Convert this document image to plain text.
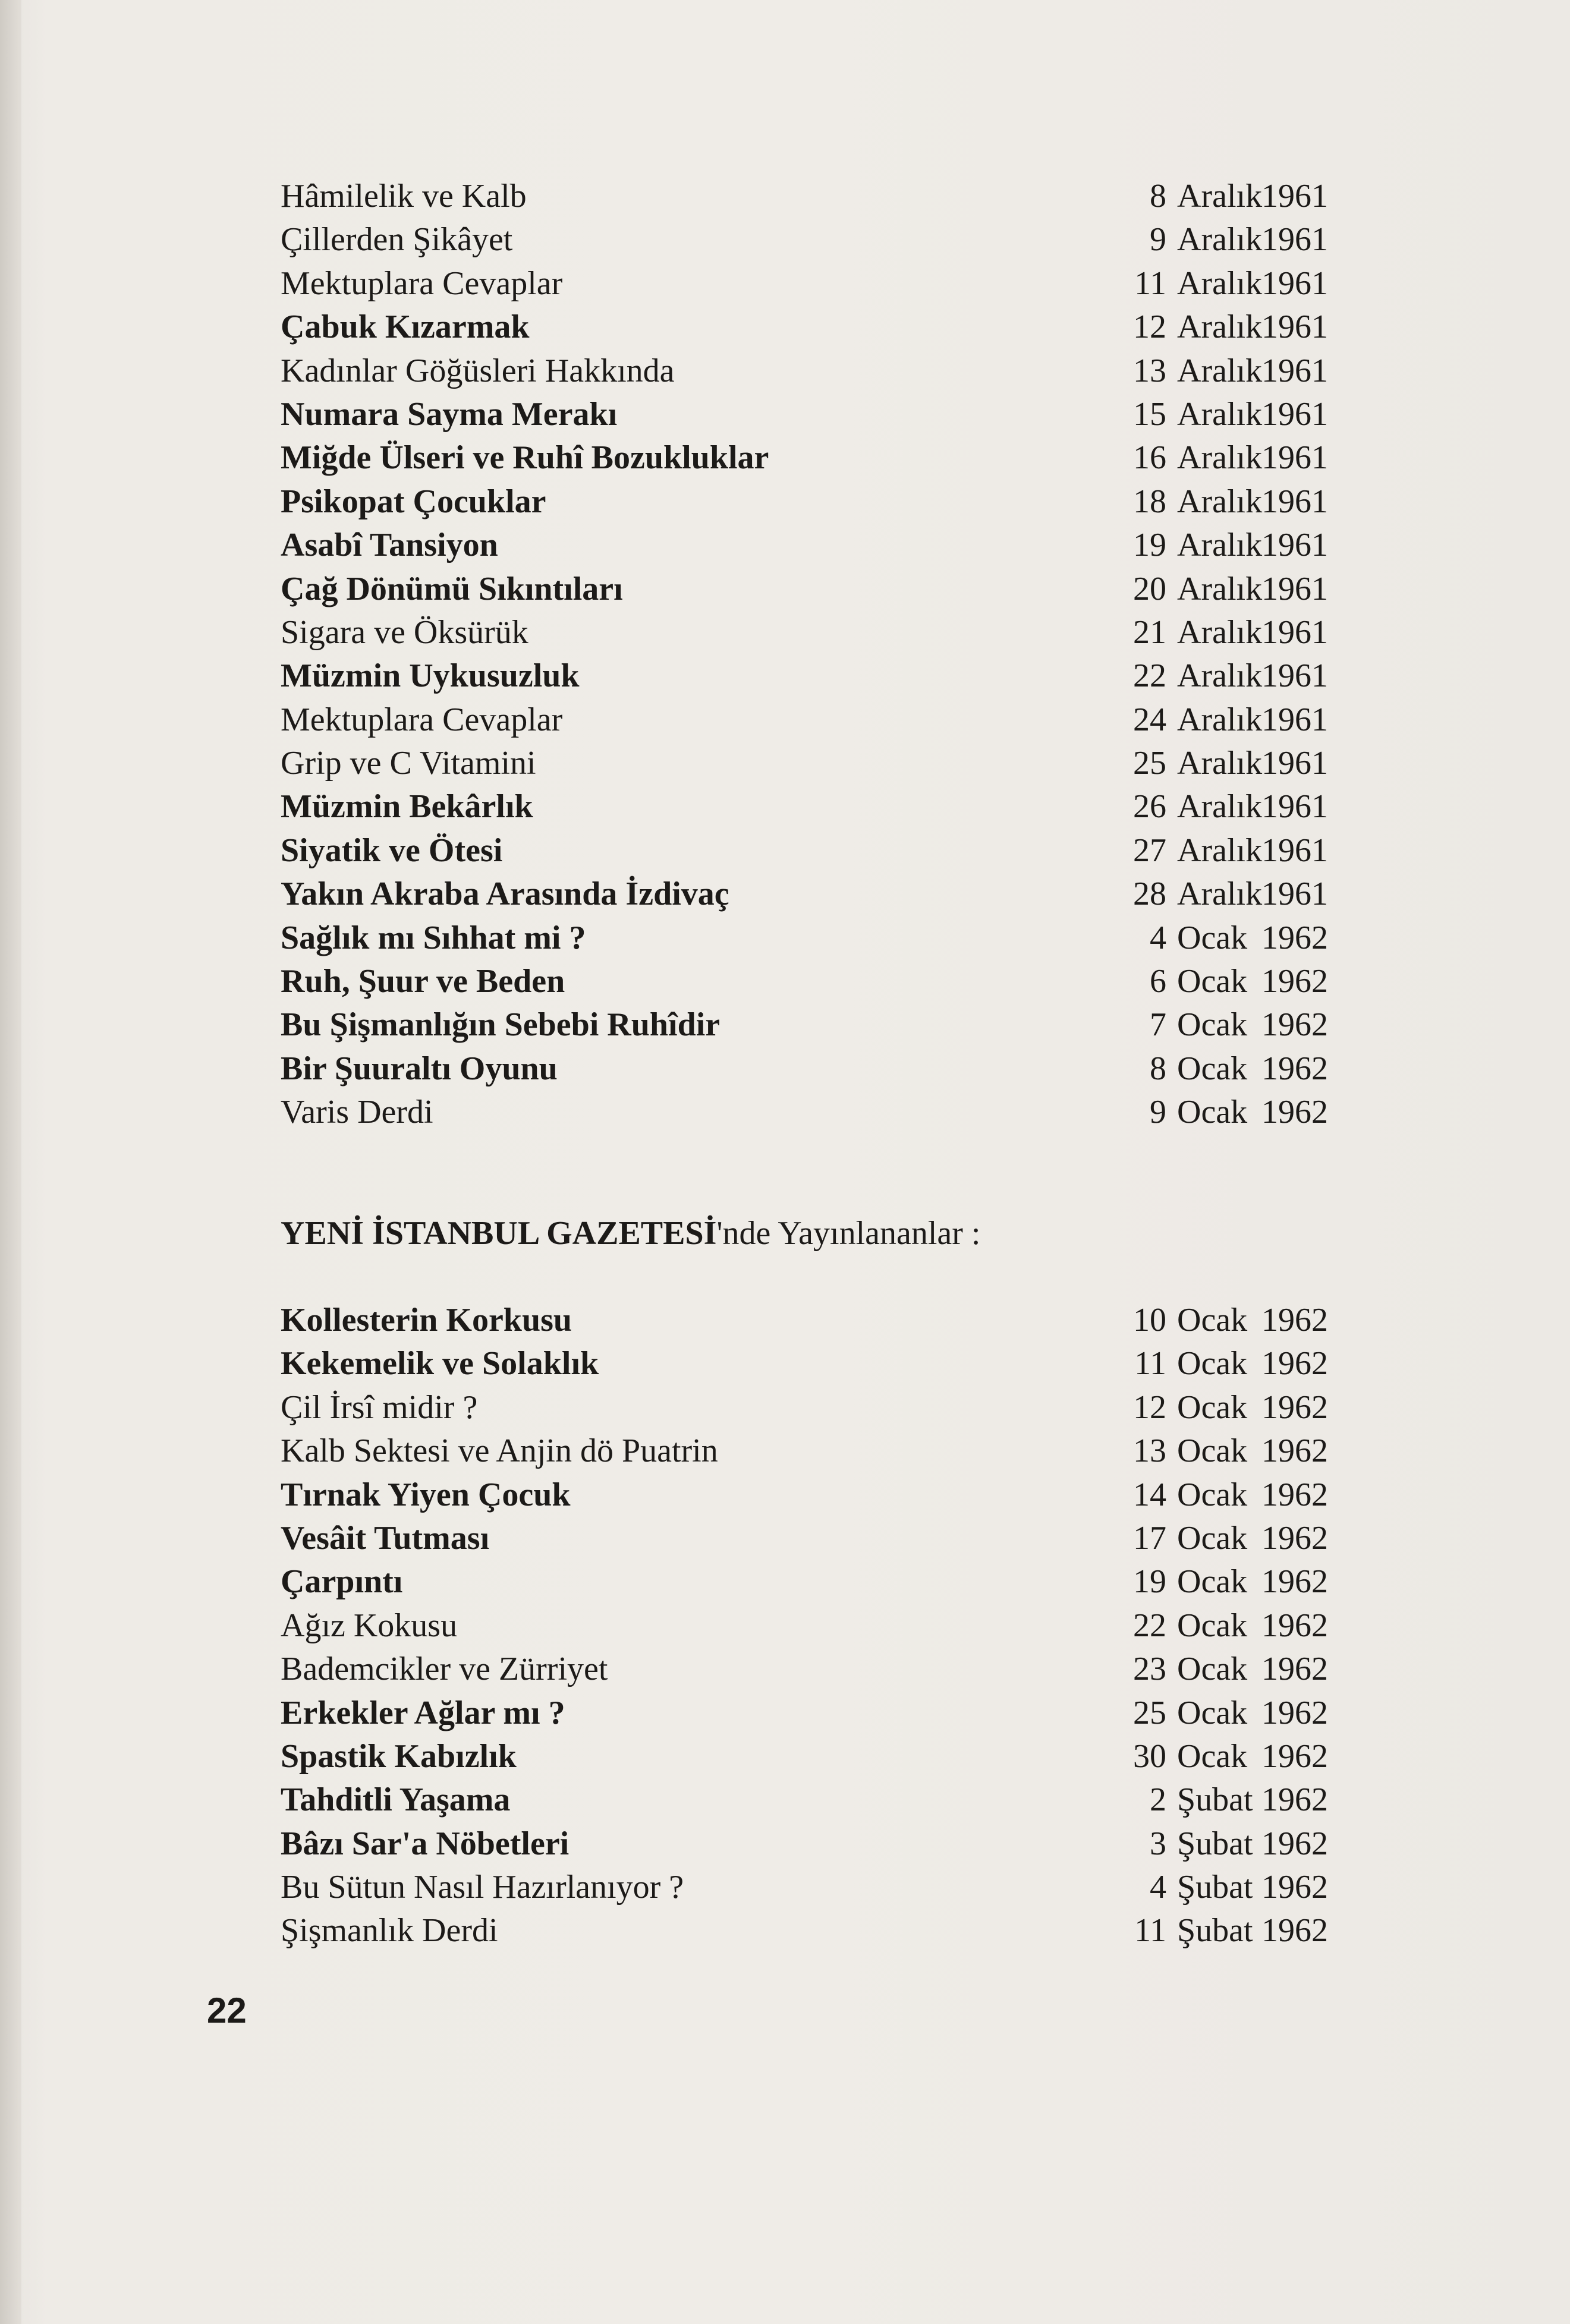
Hâmilelik ve Kalb	8 Aralık1961
Çillerden Şikâyet	9 Aralık1961
Mektuplara Cevaplar	11 Aralık1961
Çabuk Kızarmak	12 Aralık1961
Kadınlar Göğüsleri Hakkında	13 Aralık1961
Numara Sayma Merakı	15 Aralık1961
Miğde Ülseri ve Ruhî Bozukluklar	16 Aralık1961
Psikopat Çocuklar	18 Aralık1961
Asabî Tansiyon	19 Aralık1961
Çağ Dönümü Sıkıntıları	20 Aralık1961
Sigara ve Öksürük	21 Aralık1961
Müzmin Uykusuzluk	22 Aralık1961
Mektuplara Cevaplar	24 Aralık1961
Grip ve C Vitamini	25 Aralık1961
Müzmin Bekârlık	26 Aralık1961
Siyatik ve Ötesi	27 Aralık1961
Yakın Akraba Arasında İzdivaç	28 Aralık1961
Sağlık mı Sıhhat mi ?	4 Ocak 1962
Ruh, Şuur ve Beden	6 Ocak 1962
Bu Şişmanlığın Sebebi Ruhîdir	7 Ocak 1962
Bir Şuuraltı Oyunu	8 Ocak 1962
Varis Derdi	9 Ocak 1962
YENİ İSTANBUL GAZETESİ'nde Yayınlananlar :
Kollesterin Korkusu	10 Ocak 1962
Kekemelik ve Solaklık	11 Ocak 1962
Çil İrsî midir ?	12 Ocak 1962
Kalb Sektesi ve Anjin dö Puatrin	13 Ocak 1962
Tırnak Yiyen Çocuk	14 Ocak 1962
Vesâit Tutması	17 Ocak 1962
Çarpıntı	19 Ocak 1962
Ağız Kokusu	22 Ocak 1962
Bademcikler ve Zürriyet	23 Ocak 1962
Erkekler Ağlar mı ?	25 Ocak 1962
Spastik Kabızlık	30 Ocak 1962
Tahditli Yaşama	2 Şubat 1962
Bâzı Sar'a Nöbetleri	3 Şubat 1962
Bu Sütun Nasıl Hazırlanıyor ?	4 Şubat 1962
Şişmanlık Derdi	11 Şubat 1962
22
